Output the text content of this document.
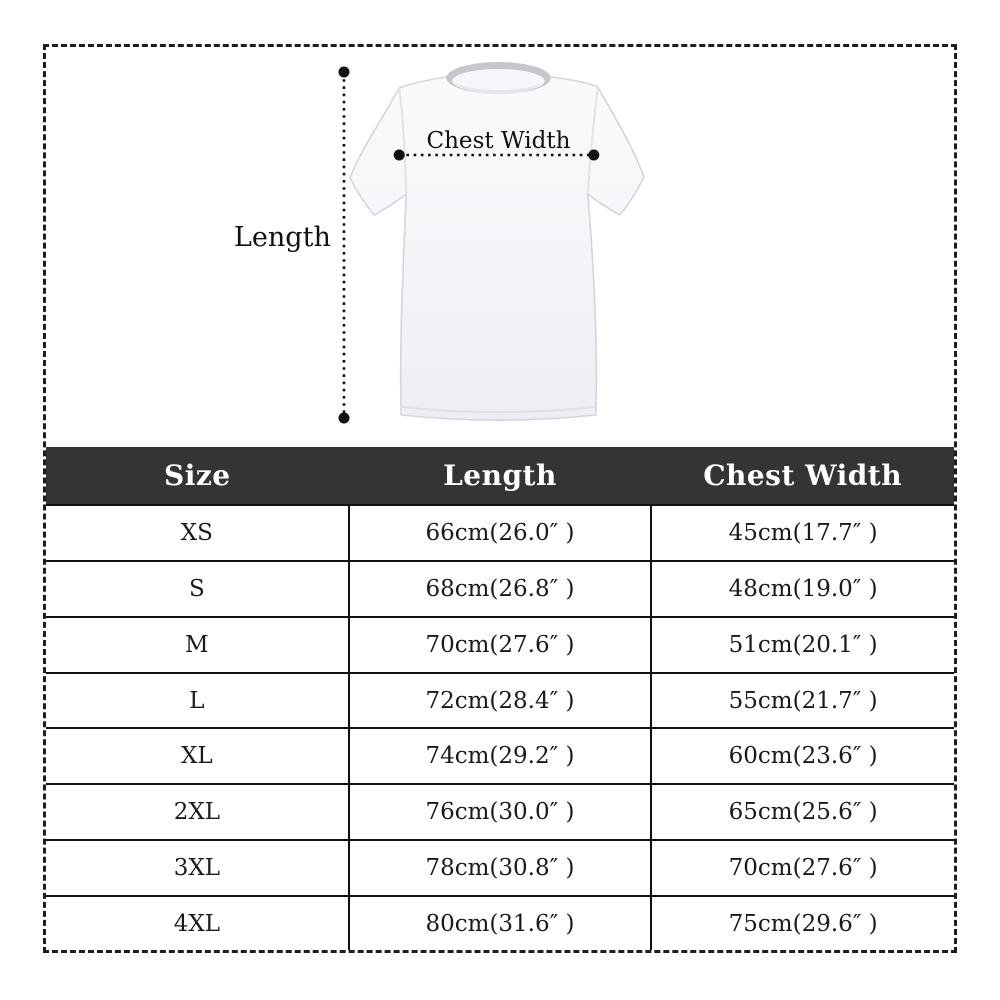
Length
Chest Width
Size	Length	Chest Width
XS	66cm(26.0″ )	45cm(17.7″ )
S	68cm(26.8″ )	48cm(19.0″ )
M	70cm(27.6″ )	51cm(20.1″ )
L	72cm(28.4″ )	55cm(21.7″ )
XL	74cm(29.2″ )	60cm(23.6″ )
2XL	76cm(30.0″ )	65cm(25.6″ )
3XL	78cm(30.8″ )	70cm(27.6″ )
4XL	80cm(31.6″ )	75cm(29.6″ )
